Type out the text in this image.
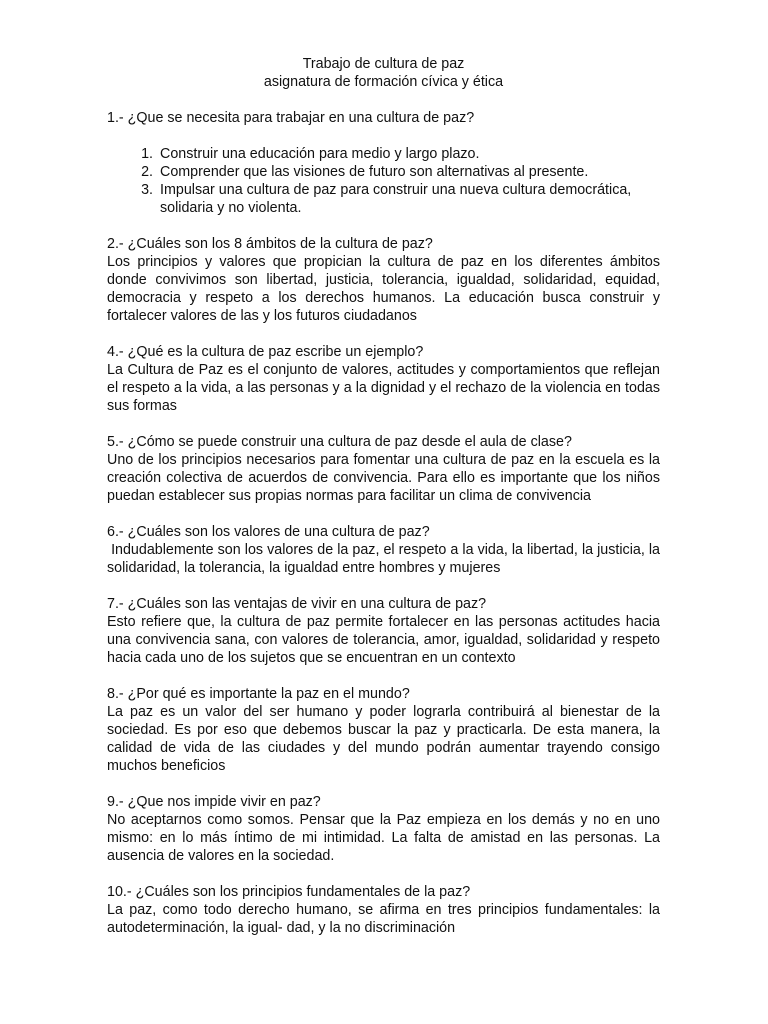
Trabajo de cultura de paz
asignatura de formación cívica y ética
1.- ¿Que se necesita para trabajar en una cultura de paz?
1. Construir una educación para medio y largo plazo.
2. Comprender que las visiones de futuro son alternativas al presente.
3. Impulsar una cultura de paz para construir una nueva cultura democrática, solidaria y no violenta.
2.- ¿Cuáles son los 8 ámbitos de la cultura de paz?
Los principios y valores que propician la cultura de paz en los diferentes ámbitos donde convivimos son libertad, justicia, tolerancia, igualdad, solidaridad, equidad, democracia y respeto a los derechos humanos. La educación busca construir y fortalecer valores de las y los futuros ciudadanos
4.- ¿Qué es la cultura de paz escribe un ejemplo?
La Cultura de Paz es el conjunto de valores, actitudes y comportamientos que reflejan el respeto a la vida, a las personas y a la dignidad y el rechazo de la violencia en todas sus formas
5.- ¿Cómo se puede construir una cultura de paz desde el aula de clase?
Uno de los principios necesarios para fomentar una cultura de paz en la escuela es la creación colectiva de acuerdos de convivencia. Para ello es importante que los niños puedan establecer sus propias normas para facilitar un clima de convivencia
6.- ¿Cuáles son los valores de una cultura de paz?
Indudablemente son los valores de la paz, el respeto a la vida, la libertad, la justicia, la solidaridad, la tolerancia, la igualdad entre hombres y mujeres
7.- ¿Cuáles son las ventajas de vivir en una cultura de paz?
Esto refiere que, la cultura de paz permite fortalecer en las personas actitudes hacia una convivencia sana, con valores de tolerancia, amor, igualdad, solidaridad y respeto hacia cada uno de los sujetos que se encuentran en un contexto
8.- ¿Por qué es importante la paz en el mundo?
La paz es un valor del ser humano y poder lograrla contribuirá al bienestar de la sociedad. Es por eso que debemos buscar la paz y practicarla. De esta manera, la calidad de vida de las ciudades y del mundo podrán aumentar trayendo consigo muchos beneficios
9.- ¿Que nos impide vivir en paz?
No aceptarnos como somos. Pensar que la Paz empieza en los demás y no en uno mismo: en lo más íntimo de mi intimidad. La falta de amistad en las personas. La ausencia de valores en la sociedad.
10.- ¿Cuáles son los principios fundamentales de la paz?
La paz, como todo derecho humano, se afirma en tres principios fundamentales: la autodeterminación, la igual- dad, y la no discriminación
